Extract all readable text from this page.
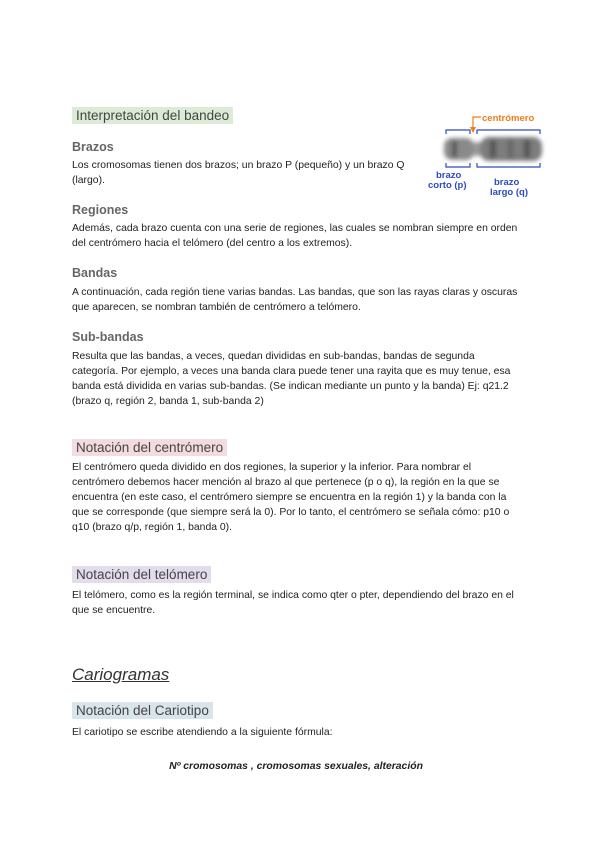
Interpretación del bandeo

Brazos

Los cromosomas tienen dos brazos; un brazo P (pequeño) y un brazo Q (largo).

Regiones

Además, cada brazo cuenta con una serie de regiones, las cuales se nombran siempre en orden del centrómero hacia el telómero (del centro a los extremos).

Bandas

A continuación, cada región tiene varias bandas. Las bandas, que son las rayas claras y oscuras que aparecen, se nombran también de centrómero a telómero.

Sub-bandas

Resulta que las bandas, a veces, quedan divididas en sub-bandas, bandas de segunda categoría. Por ejemplo, a veces una banda clara puede tener una rayita que es muy tenue, esa banda está dividida en varias sub-bandas. (Se indican mediante un punto y la banda) Ej: q21.2 (brazo q, región 2, banda 1, sub-banda 2)

Notación del centrómero

El centrómero queda dividido en dos regiones, la superior y la inferior. Para nombrar el centrómero debemos hacer mención al brazo al que pertenece (p o q), la región en la que se encuentra (en este caso, el centrómero siempre se encuentra en la región 1) y la banda con la que se corresponde (que siempre será la 0). Por lo tanto, el centrómero se señala cómo: p10 o q10 (brazo q/p, región 1, banda 0).

Notación del telómero

El telómero, como es la región terminal, se indica como qter o pter, dependiendo del brazo en el que se encuentre.

Cariogramas
Notación del Cariotipo

El cariotipo se escribe atendiendo a la siguiente fórmula:

Nº cromosomas , cromosomas sexuales, alteración

centrómero
brazo
corto (p)	brazo
largo (q)
